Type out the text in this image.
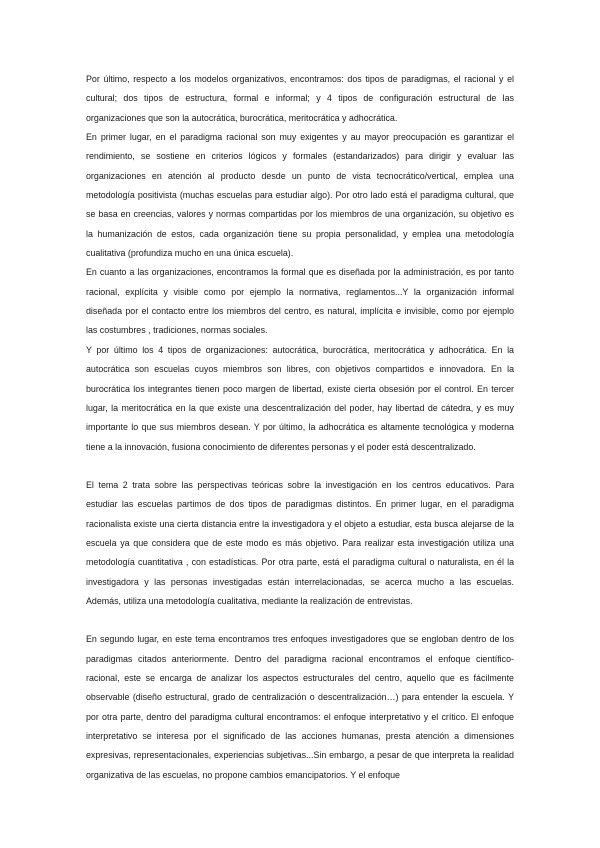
Por último, respecto a los modelos organizativos, encontramos: dos tipos de paradigmas, el racional y el cultural; dos tipos de estructura, formal e informal; y 4 tipos de configuración estructural de las organizaciones que son la autocrática, burocrática, meritocrática y adhocrática.

En primer lugar, en el paradigma racional son muy exigentes y au mayor preocupación es garantizar el rendimiento, se sostiene en criterios lógicos y formales (estandarizados) para dirigir y evaluar las organizaciones en atención al producto desde un punto de vista tecnocrático/vertical, emplea una metodología positivista (muchas escuelas para estudiar algo). Por otro lado está el paradigma cultural, que se basa en creencias, valores y normas compartidas por los miembros de una organización, su objetivo es la humanización de estos, cada organización tiene su propia personalidad, y emplea una metodología cualitativa (profundiza mucho en una única escuela).

En cuanto a las organizaciones, encontramos la formal que es diseñada por la administración, es por tanto racional, explícita y visible como por ejemplo la normativa, reglamentos...Y la organización informal diseñada por el contacto entre los miembros del centro, es natural, implícita e invisible, como por ejemplo las costumbres , tradiciones, normas sociales.

Y por último los 4 tipos de organizaciones: autocrática, burocrática, meritocrática y adhocrática. En la autocrática son escuelas cuyos miembros son libres, con objetivos compartidos e innovadora. En la burocrática los integrantes tienen poco margen de libertad, existe cierta obsesión por el control. En tercer lugar, la meritocrática en la que existe una descentralización del poder, hay libertad de cátedra, y es muy importante lo que sus miembros desean. Y por último, la adhocrática es altamente tecnológica y moderna tiene a la innovación, fusiona conocimiento de diferentes personas y el poder está descentralizado.

El tema 2 trata sobre las perspectivas teóricas sobre la investigación en los centros educativos. Para estudiar las escuelas partimos de dos tipos de paradigmas distintos. En primer lugar, en el paradigma racionalista existe una cierta distancia entre la investigadora y el objeto a estudiar, esta busca alejarse de la escuela ya que considera que de este modo es más objetivo. Para realizar esta investigación utiliza una metodología cuantitativa , con estadísticas. Por otra parte, está el paradigma cultural o naturalista, en él la investigadora y las personas investigadas están interrelacionadas, se acerca mucho a las escuelas. Además, utiliza una metodología cualitativa, mediante la realización de entrevistas.

En segundo lugar, en este tema encontramos tres enfoques investigadores que se engloban dentro de los paradigmas citados anteriormente. Dentro del paradigma racional encontramos el enfoque científico-racional, este se encarga de analizar los aspectos estructurales del centro, aquello que es fácilmente observable (diseño estructural, grado de centralización o descentralización…) para entender la escuela. Y por otra parte, dentro del paradigma cultural encontramos: el enfoque interpretativo y el crítico. El enfoque interpretativo se interesa por el significado de las acciones humanas, presta atención a dimensiones expresivas, representacionales, experiencias subjetivas...Sin embargo, a pesar de que interpreta la realidad organizativa de las escuelas, no propone cambios emancipatorios. Y el enfoque
